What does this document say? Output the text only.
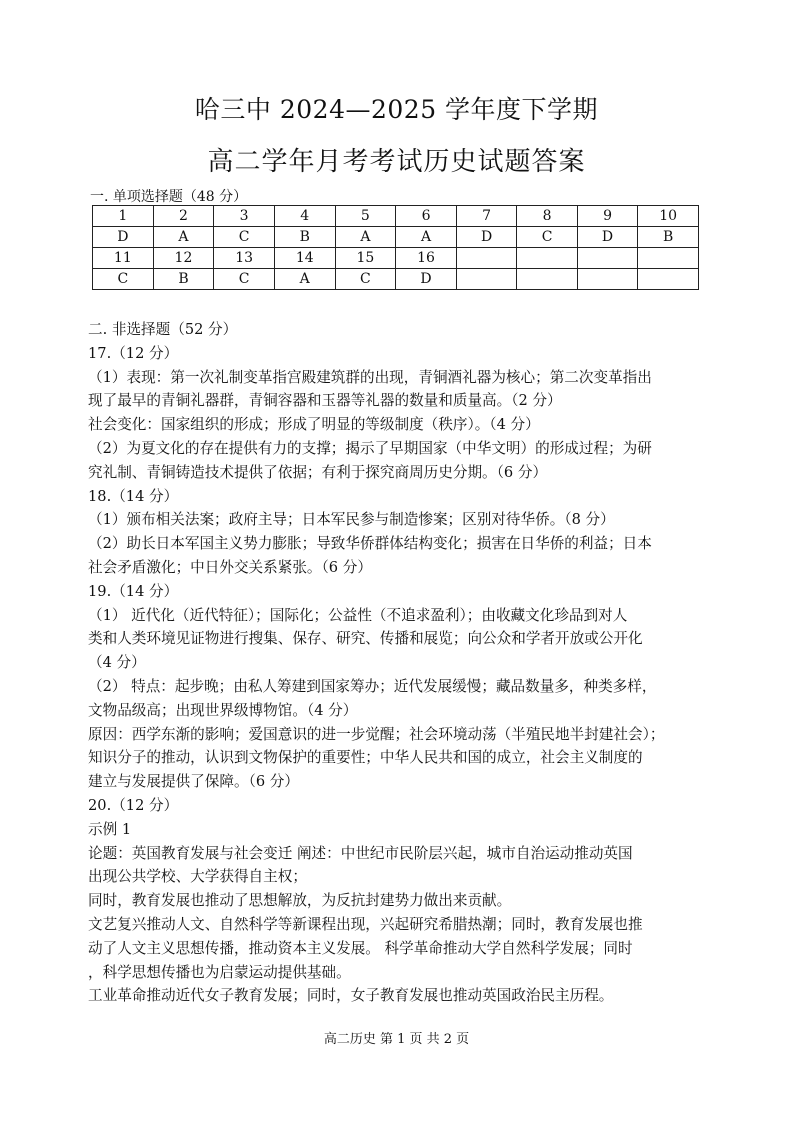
哈三中 2024—2025 学年度下学期
高二学年月考考试历史试题答案
一. 单项选择题（48 分）
1	2	3	4	5	6	7	8	9	10
D	A	C	B	A	A	D	C	D	B
11	12	13	14	15	16				
C	B	C	A	C	D				

二. 非选择题（52 分）

17.（12 分）

（1）表现：第一次礼制变革指宫殿建筑群的出现，青铜酒礼器为核心；第二次变革指出

现了最早的青铜礼器群，青铜容器和玉器等礼器的数量和质量高。（2 分）

社会变化：国家组织的形成；形成了明显的等级制度（秩序）。（4 分）

（2）为夏文化的存在提供有力的支撑；揭示了早期国家（中华文明）的形成过程；为研

究礼制、青铜铸造技术提供了依据；有利于探究商周历史分期。（6 分）

18.（14 分）

（1）颁布相关法案；政府主导；日本军民参与制造惨案；区别对待华侨。（8 分）

（2）助长日本军国主义势力膨胀；导致华侨群体结构变化；损害在日华侨的利益；日本

社会矛盾激化；中日外交关系紧张。（6 分）

19.（14 分）

（1） 近代化（近代特征）；国际化；公益性（不追求盈利）；由收藏文化珍品到对人

类和人类环境见证物进行搜集、保存、研究、传播和展览；向公众和学者开放或公开化

（4 分）

（2） 特点：起步晚；由私人筹建到国家筹办；近代发展缓慢；藏品数量多，种类多样，

文物品级高；出现世界级博物馆。（4 分）

原因：西学东渐的影响；爱国意识的进一步觉醒；社会环境动荡（半殖民地半封建社会）；

知识分子的推动，认识到文物保护的重要性；中华人民共和国的成立，社会主义制度的

建立与发展提供了保障。（6 分）

20.（12 分）

示例 1

论题：英国教育发展与社会变迁 阐述：中世纪市民阶层兴起，城市自治运动推动英国

出现公共学校、大学获得自主权；

同时，教育发展也推动了思想解放，为反抗封建势力做出来贡献。

文艺复兴推动人文、自然科学等新课程出现，兴起研究希腊热潮；同时，教育发展也推

动了人文主义思想传播，推动资本主义发展。 科学革命推动大学自然科学发展；同时

，科学思想传播也为启蒙运动提供基础。

工业革命推动近代女子教育发展；同时，女子教育发展也推动英国政治民主历程。

高二历史 第 1 页 共 2 页
